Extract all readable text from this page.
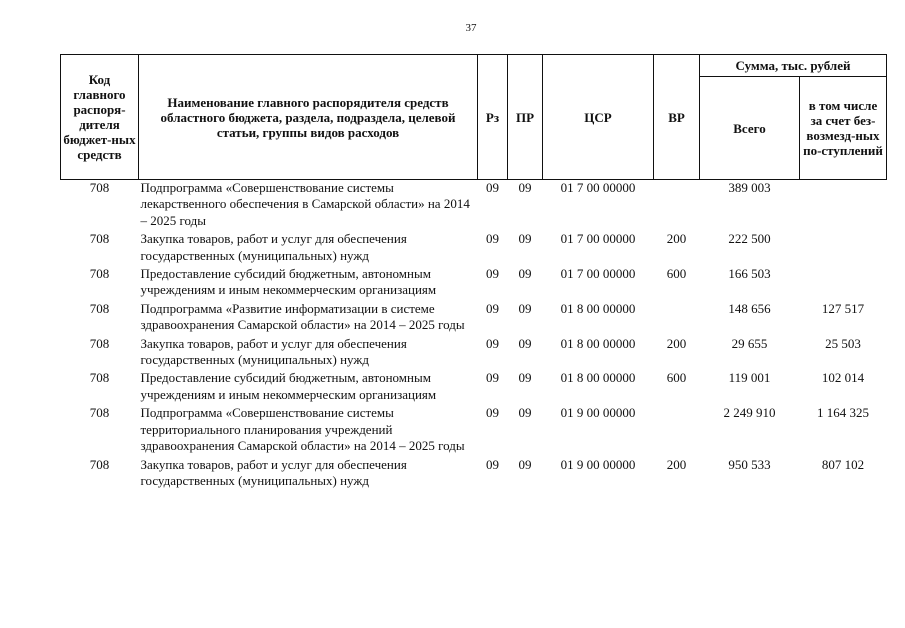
37
Код главного распоря-дителя бюджет-ных средств	Наименование главного распорядителя средств областного бюджета, раздела, подраздела, целевой статьи, группы видов расходов	Рз	ПР	ЦСР	ВР	Сумма, тыс. рублей	
						Всего	в том числе за счет без-возмезд-ных по-ступлений
708	Подпрограмма «Совершенствование системы лекарственного обеспечения в Самарской области» на 2014 – 2025 годы	09	09	01 7 00 00000		389 003	
708	Закупка товаров, работ и услуг для обеспечения государственных (муниципальных) нужд	09	09	01 7 00 00000	200	222 500	
708	Предоставление субсидий бюджетным, автономным учреждениям и иным некоммерческим организациям	09	09	01 7 00 00000	600	166 503	
708	Подпрограмма «Развитие информатизации в системе здравоохранения Самарской области» на 2014 – 2025 годы	09	09	01 8 00 00000		148 656	127 517
708	Закупка товаров, работ и услуг для обеспечения государственных (муниципальных) нужд	09	09	01 8 00 00000	200	29 655	25 503
708	Предоставление субсидий бюджетным, автономным учреждениям и иным некоммерческим организациям	09	09	01 8 00 00000	600	119 001	102 014
708	Подпрограмма «Совершенствование системы территориального планирования учреждений здравоохранения Самарской области» на 2014 – 2025 годы	09	09	01 9 00 00000		2 249 910	1 164 325
708	Закупка товаров, работ и услуг для обеспечения государственных (муниципальных) нужд	09	09	01 9 00 00000	200	950 533	807 102
